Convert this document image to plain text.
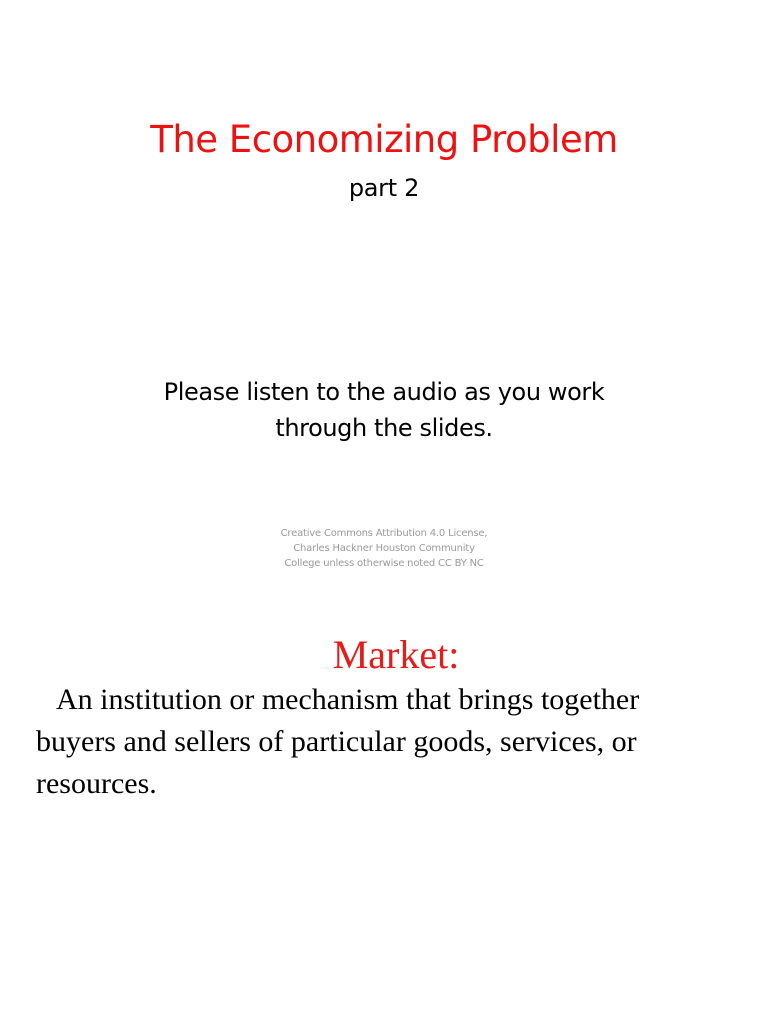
The Economizing Problem
part 2
Please listen to the audio as you work
through the slides.
Creative Commons Attribution 4.0 License,
Charles Hackner Houston Community
College unless otherwise noted CC BY NC
Market:
An institution or mechanism that brings together
buyers and sellers of particular goods, services, or
resources.
